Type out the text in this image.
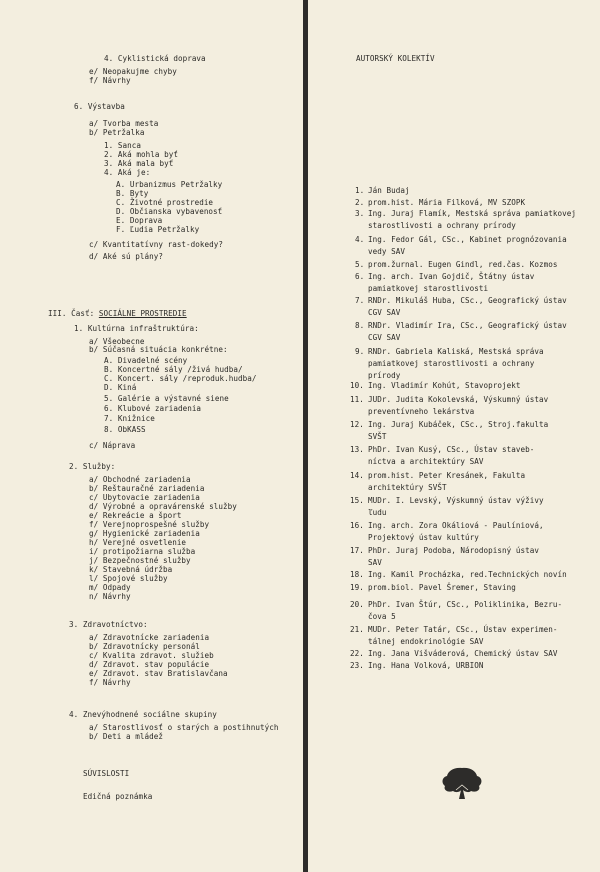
4. Cyklistická doprava
e/ Neopakujme chyby
f/ Návrhy
6. Výstavba
a/ Tvorba mesta
b/ Petržalka
1. Sanca
2. Aká mohla byť
3. Aká mala byť
4. Aká je:
A. Urbanizmus Petržalky
B. Byty
C. Životné prostredie
D. Občianska vybavenosť
E. Doprava
F. Ľudia Petržalky
c/ Kvantitatívny rast-dokedy?
d/ Aké sú plány?
III. Časť: SOCIÁLNE PROSTREDIE
1. Kultúrna infraštruktúra:
a/ Všeobecne
b/ Súčasná situácia konkrétne:
A. Divadelné scény
B. Koncertné sály /živá hudba/
C. Koncert. sály /reproduk.hudba/
D. Kiná
5. Galérie a výstavné siene
6. Klubové zariadenia
7. Knižnice
8. ObKASS
c/ Náprava
2. Služby:
a/ Obchodné zariadenia
b/ Reštauračné zariadenia
c/ Ubytovacie zariadenia
d/ Výrobné a opravárenské služby
e/ Rekreácie a šport
f/ Verejnoprospešné služby
g/ Hygienické zariadenia
h/ Verejné osvetlenie
i/ protipožiarna služba
j/ Bezpečnostné služby
k/ Stavebná údržba
l/ Spojové služby
m/ Odpady
n/ Návrhy
3. Zdravotníctvo:
a/ Zdravotnícke zariadenia
b/ Zdravotnícky personál
c/ Kvalita zdravot. služieb
d/ Zdravot. stav populácie
e/ Zdravot. stav Bratislavčana
f/ Návrhy
4. Znevýhodnené sociálne skupiny
a/ Starostlivosť o starých a postihnutých
b/ Deti a mládež
SÚVISLOSTI
Edičná poznámka
AUTORSKÝ KOLEKTÍV
1. Ján Budaj
2. prom.hist. Mária Filková, MV SZOPK
3. Ing. Juraj Flamík, Mestská správa pamiatkovej
starostlivosti a ochrany prírody
4. Ing. Fedor Gál, CSc., Kabinet prognózovania
vedy SAV
5. prom.žurnal. Eugen Gindl, red.čas. Kozmos
6. Ing. arch. Ivan Gojdič, Štátny ústav
pamiatkovej starostlivosti
7. RNDr. Mikuláš Huba, CSc., Geografický ústav
CGV SAV
8. RNDr. Vladimír Ira, CSc., Geografický ústav
CGV SAV
9. RNDr. Gabriela Kaliská, Mestská správa
pamiatkovej starostlivosti a ochrany
prírody
10. Ing. Vladimír Kohút, Stavoprojekt
11. JUDr. Judita Kokolevská, Výskumný ústav
preventívneho lekárstva
12. Ing. Juraj Kubáček, CSc., Stroj.fakulta
SVŠT
13. PhDr. Ivan Kusý, CSc., Ústav staveb-
níctva a architektúry SAV
14. prom.hist. Peter Kresánek, Fakulta
architektúry SVŠT
15. MUDr. I. Levský, Výskumný ústav výživy
ľudu
16. Ing. arch. Zora Okáliová - Paulíniová,
Projektový ústav kultúry
17. PhDr. Juraj Podoba, Národopisný ústav
SAV
18. Ing. Kamil Procházka, red.Technických novín
19. prom.biol. Pavel Šremer, Staving
20. PhDr. Ivan Štúr, CSc., Poliklinika, Bezru-
čova 5
21. MUDr. Peter Tatár, CSc., Ústav experimen-
tálnej endokrinológie SAV
22. Ing. Jana Višváderová, Chemický ústav SAV
23. Ing. Hana Volková, URBION
